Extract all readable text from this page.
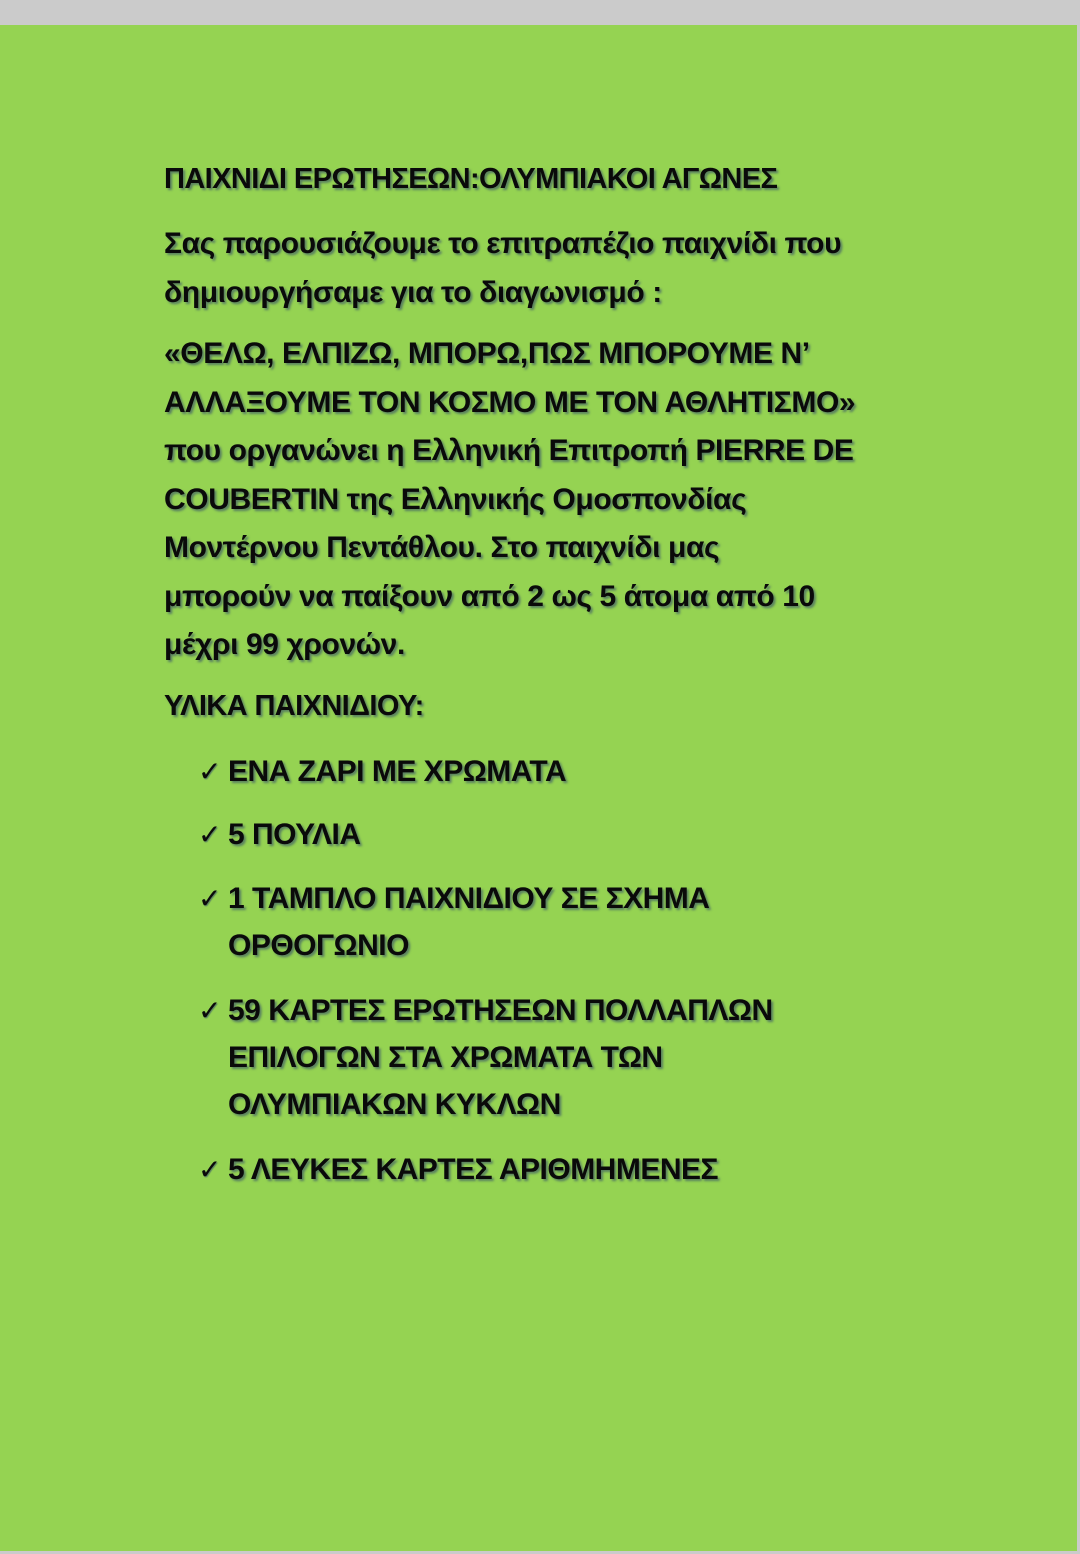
ΠΑΙΧΝΙΔΙ ΕΡΩΤΗΣΕΩΝ:ΟΛΥΜΠΙΑΚΟΙ ΑΓΩΝΕΣ
Σας παρουσιάζουμε το επιτραπέζιο παιχνίδι που
δημιουργήσαμε για το διαγωνισμό :
«ΘΕΛΩ, ΕΛΠΙΖΩ, ΜΠΟΡΩ,ΠΩΣ ΜΠΟΡΟΥΜΕ Ν’
ΑΛΛΑΞΟΥΜΕ ΤΟΝ ΚΟΣΜΟ ΜΕ ΤΟΝ ΑΘΛΗΤΙΣΜΟ»
που οργανώνει η Ελληνική Επιτροπή PIERRE DE
COUBERTIN της Ελληνικής Ομοσπονδίας
Μοντέρνου Πεντάθλου. Στο παιχνίδι μας
μπορούν να παίξουν από 2 ως 5 άτομα από 10
μέχρι 99 χρονών.
ΥΛΙΚΑ ΠΑΙΧΝΙΔΙΟΥ:
✓ ΕΝΑ ΖΑΡΙ ΜΕ ΧΡΩΜΑΤΑ
✓ 5 ΠΟΥΛΙΑ
✓ 1 ΤΑΜΠΛΟ ΠΑΙΧΝΙΔΙΟΥ ΣΕ ΣΧΗΜΑ
ΟΡΘΟΓΩΝΙΟ
✓ 59 ΚΑΡΤΕΣ ΕΡΩΤΗΣΕΩΝ ΠΟΛΛΑΠΛΩΝ
ΕΠΙΛΟΓΩΝ ΣΤΑ ΧΡΩΜΑΤΑ ΤΩΝ
ΟΛΥΜΠΙΑΚΩΝ ΚΥΚΛΩΝ
✓ 5 ΛΕΥΚΕΣ ΚΑΡΤΕΣ ΑΡΙΘΜΗΜΕΝΕΣ
